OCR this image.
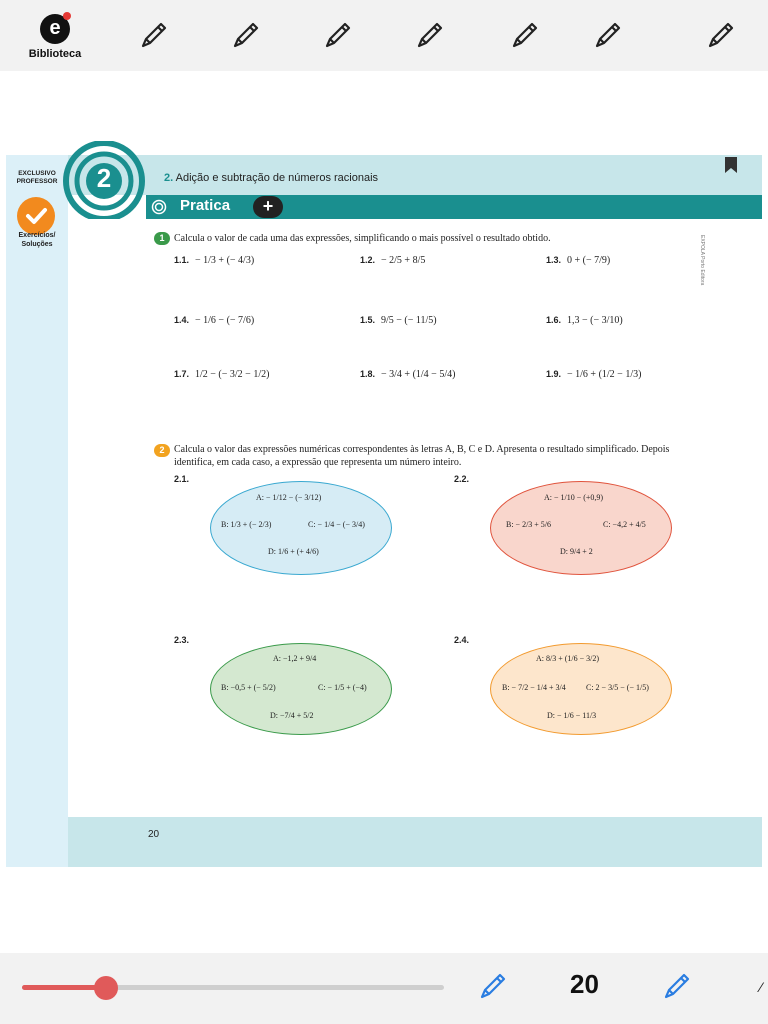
e
Biblioteca
EXCLUSIVO PROFESSOR
Exercícios/ Soluções
2	2. Adição e subtração de números racionais
Pratica	+
EXPOLA Porto Editora
1 Calcula o valor de cada uma das expressões, simplificando o mais possível o resultado obtido.
1.1. − 1/3 + (− 4/3)	1.2. − 2/5 + 8/5	1.3. 0 + (− 7/9)
1.4. − 1/6 − (− 7/6)	1.5. 9/5 − (− 11/5)	1.6. 1,3 − (− 3/10)
1.7. 1/2 − (− 3/2 − 1/2)	1.8. − 3/4 + (1/4 − 5/4)	1.9. − 1/6 + (1/2 − 1/3)
2 Calcula o valor das expressões numéricas correspondentes às letras A, B, C e D. Apresenta o resultado simplificado. Depois identifica, em cada caso, a expressão que representa um número inteiro.
2.1.
A: − 1/12 − (− 3/12)
B: 1/3 + (− 2/3)	C: − 1/4 − (− 3/4)
D: 1/6 + (+ 4/6)
2.2.
A: − 1/10 − (+0,9)
B: − 2/3 + 5/6	C: −4,2 + 4/5
D: 9/4 + 2
2.3.
A: −1,2 + 9/4
B: −0,5 + (− 5/2)	C: − 1/5 + (−4)
D: −7/4 + 5/2
2.4.
A: 8/3 + (1/6 − 3/2)
B: − 7/2 − 1/4 + 3/4	C: 2 − 3/5 − (− 1/5)
D: − 1/6 − 11/3
20
20	⁄
